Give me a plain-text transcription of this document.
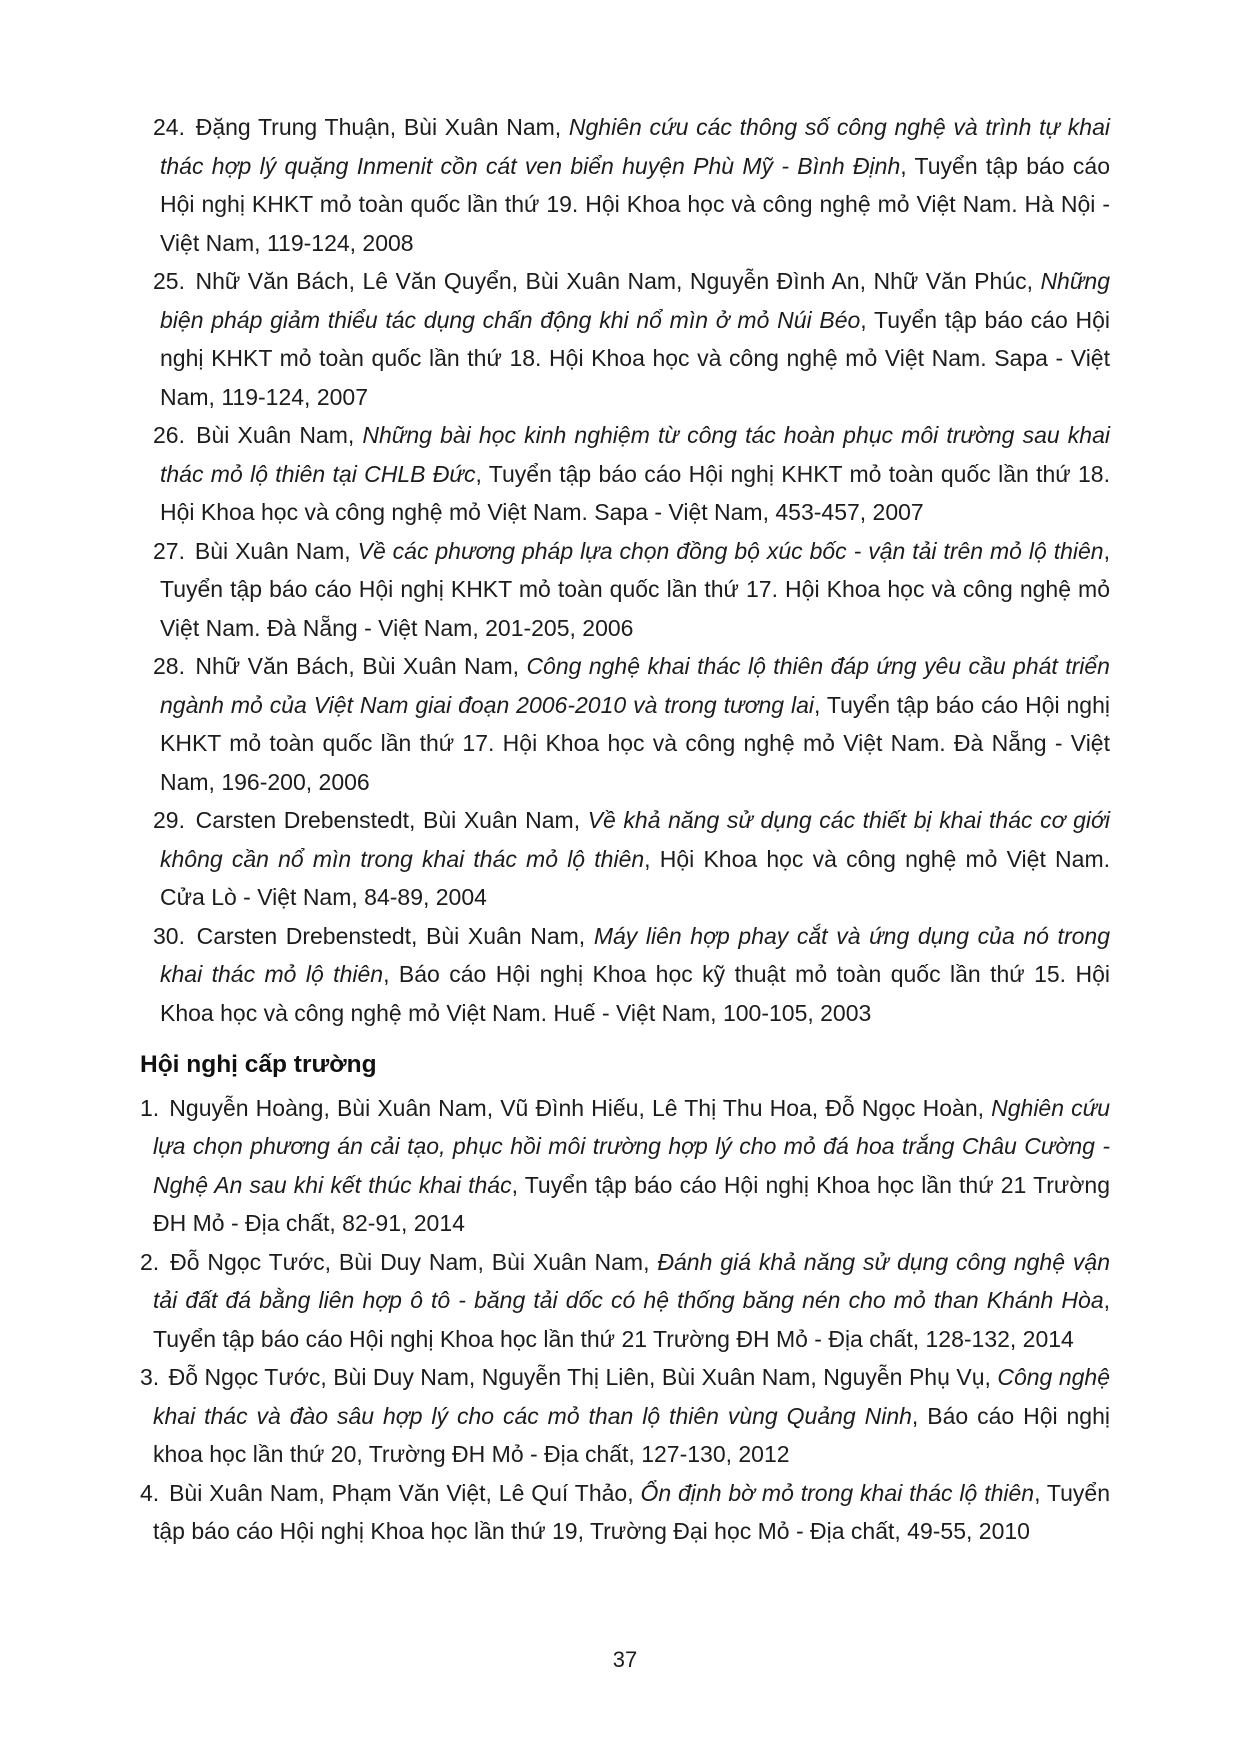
24. Đặng Trung Thuận, Bùi Xuân Nam, Nghiên cứu các thông số công nghệ và trình tự khai thác hợp lý quặng Inmenit cồn cát ven biển huyện Phù Mỹ - Bình Định, Tuyển tập báo cáo Hội nghị KHKT mỏ toàn quốc lần thứ 19. Hội Khoa học và công nghệ mỏ Việt Nam. Hà Nội - Việt Nam, 119-124, 2008

25. Nhữ Văn Bách, Lê Văn Quyển, Bùi Xuân Nam, Nguyễn Đình An, Nhữ Văn Phúc, Những biện pháp giảm thiểu tác dụng chấn động khi nổ mìn ở mỏ Núi Béo, Tuyển tập báo cáo Hội nghị KHKT mỏ toàn quốc lần thứ 18. Hội Khoa học và công nghệ mỏ Việt Nam. Sapa - Việt Nam, 119-124, 2007

26. Bùi Xuân Nam, Những bài học kinh nghiệm từ công tác hoàn phục môi trường sau khai thác mỏ lộ thiên tại CHLB Đức, Tuyển tập báo cáo Hội nghị KHKT mỏ toàn quốc lần thứ 18. Hội Khoa học và công nghệ mỏ Việt Nam. Sapa - Việt Nam, 453-457, 2007

27. Bùi Xuân Nam, Về các phương pháp lựa chọn đồng bộ xúc bốc - vận tải trên mỏ lộ thiên, Tuyển tập báo cáo Hội nghị KHKT mỏ toàn quốc lần thứ 17. Hội Khoa học và công nghệ mỏ Việt Nam. Đà Nẵng - Việt Nam, 201-205, 2006

28. Nhữ Văn Bách, Bùi Xuân Nam, Công nghệ khai thác lộ thiên đáp ứng yêu cầu phát triển ngành mỏ của Việt Nam giai đoạn 2006-2010 và trong tương lai, Tuyển tập báo cáo Hội nghị KHKT mỏ toàn quốc lần thứ 17. Hội Khoa học và công nghệ mỏ Việt Nam. Đà Nẵng - Việt Nam, 196-200, 2006

29. Carsten Drebenstedt, Bùi Xuân Nam, Về khả năng sử dụng các thiết bị khai thác cơ giới không cần nổ mìn trong khai thác mỏ lộ thiên, Hội Khoa học và công nghệ mỏ Việt Nam. Cửa Lò - Việt Nam, 84-89, 2004

30. Carsten Drebenstedt, Bùi Xuân Nam, Máy liên hợp phay cắt và ứng dụng của nó trong khai thác mỏ lộ thiên, Báo cáo Hội nghị Khoa học kỹ thuật mỏ toàn quốc lần thứ 15. Hội Khoa học và công nghệ mỏ Việt Nam. Huế - Việt Nam, 100-105, 2003

Hội nghị cấp trường

1. Nguyễn Hoàng, Bùi Xuân Nam, Vũ Đình Hiếu, Lê Thị Thu Hoa, Đỗ Ngọc Hoàn, Nghiên cứu lựa chọn phương án cải tạo, phục hồi môi trường hợp lý cho mỏ đá hoa trắng Châu Cường - Nghệ An sau khi kết thúc khai thác, Tuyển tập báo cáo Hội nghị Khoa học lần thứ 21 Trường ĐH Mỏ - Địa chất, 82-91, 2014

2. Đỗ Ngọc Tước, Bùi Duy Nam, Bùi Xuân Nam, Đánh giá khả năng sử dụng công nghệ vận tải đất đá bằng liên hợp ô tô - băng tải dốc có hệ thống băng nén cho mỏ than Khánh Hòa, Tuyển tập báo cáo Hội nghị Khoa học lần thứ 21 Trường ĐH Mỏ - Địa chất, 128-132, 2014

3. Đỗ Ngọc Tước, Bùi Duy Nam, Nguyễn Thị Liên, Bùi Xuân Nam, Nguyễn Phụ Vụ, Công nghệ khai thác và đào sâu hợp lý cho các mỏ than lộ thiên vùng Quảng Ninh, Báo cáo Hội nghị khoa học lần thứ 20, Trường ĐH Mỏ - Địa chất, 127-130, 2012

4. Bùi Xuân Nam, Phạm Văn Việt, Lê Quí Thảo, Ổn định bờ mỏ trong khai thác lộ thiên, Tuyển tập báo cáo Hội nghị Khoa học lần thứ 19, Trường Đại học Mỏ - Địa chất, 49-55, 2010

37
